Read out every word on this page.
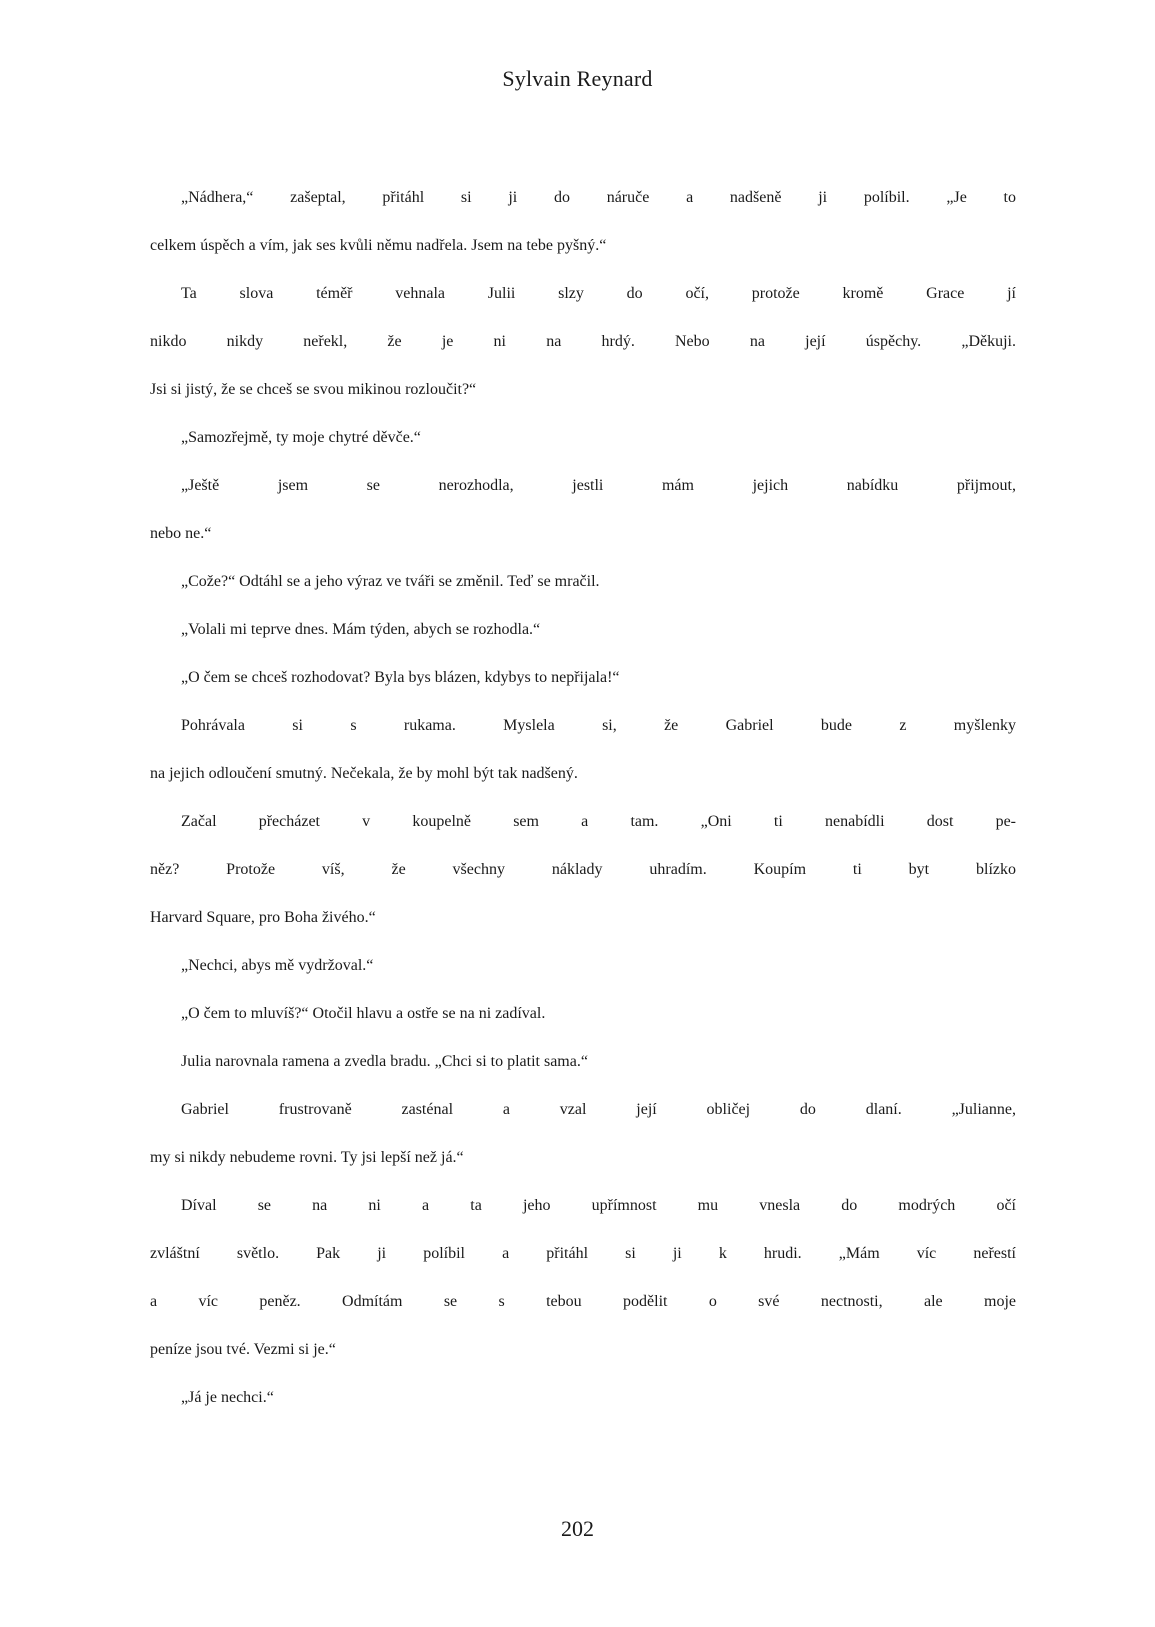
Sylvain Reynard
„Nádhera,“ zašeptal, přitáhl si ji do náruče a nadšeně ji políbil. „Je to
celkem úspěch a vím, jak ses kvůli němu nadřela. Jsem na tebe pyšný.“
Ta slova téměř vehnala Julii slzy do očí, protože kromě Grace jí
nikdo nikdy neřekl, že je ni na hrdý. Nebo na její úspěchy. „Děkuji.
Jsi si jistý, že se chceš se svou mikinou rozloučit?“
„Samozřejmě, ty moje chytré děvče.“
„Ještě jsem se nerozhodla, jestli mám jejich nabídku přijmout,
nebo ne.“
„Cože?“ Odtáhl se a jeho výraz ve tváři se změnil. Teď se mračil.
„Volali mi teprve dnes. Mám týden, abych se rozhodla.“
„O čem se chceš rozhodovat? Byla bys blázen, kdybys to nepřijala!“
Pohrávala si s rukama. Myslela si, že Gabriel bude z myšlenky
na jejich odloučení smutný. Nečekala, že by mohl být tak nadšený.
Začal přecházet v koupelně sem a tam. „Oni ti nenabídli dost pe-
něz? Protože víš, že všechny náklady uhradím. Koupím ti byt blízko
Harvard Square, pro Boha živého.“
„Nechci, abys mě vydržoval.“
„O čem to mluvíš?“ Otočil hlavu a ostře se na ni zadíval.
Julia narovnala ramena a zvedla bradu. „Chci si to platit sama.“
Gabriel frustrovaně zasténal a vzal její obličej do dlaní. „Julianne,
my si nikdy nebudeme rovni. Ty jsi lepší než já.“
Díval se na ni a ta jeho upřímnost mu vnesla do modrých očí
zvláštní světlo. Pak ji políbil a přitáhl si ji k hrudi. „Mám víc neřestí
a víc peněz. Odmítám se s tebou podělit o své nectnosti, ale moje
peníze jsou tvé. Vezmi si je.“
„Já je nechci.“
202
